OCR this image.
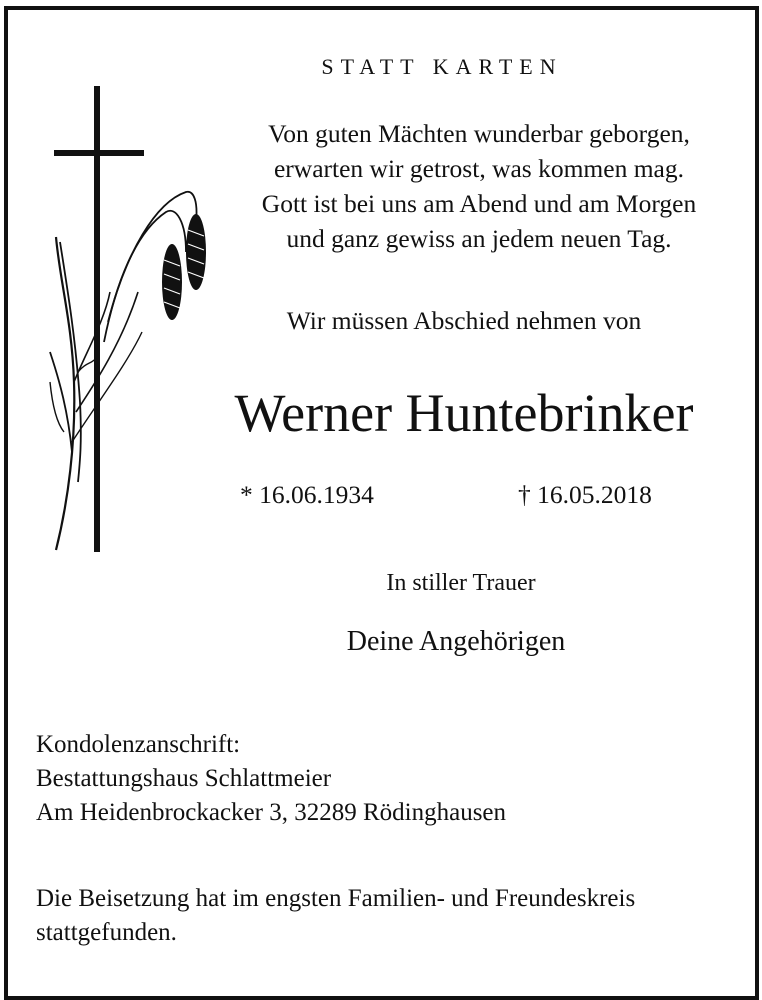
STATT KARTEN
Von guten Mächten wunderbar geborgen,
erwarten wir getrost, was kommen mag.
Gott ist bei uns am Abend und am Morgen
und ganz gewiss an jedem neuen Tag.
Wir müssen Abschied nehmen von
Werner Huntebrinker
* 16.06.1934	† 16.05.2018
In stiller Trauer
Deine Angehörigen
Kondolenzanschrift:
Bestattungshaus Schlattmeier
Am Heidenbrockacker 3, 32289 Rödinghausen
Die Beisetzung hat im engsten Familien- und Freundeskreis stattgefunden.
